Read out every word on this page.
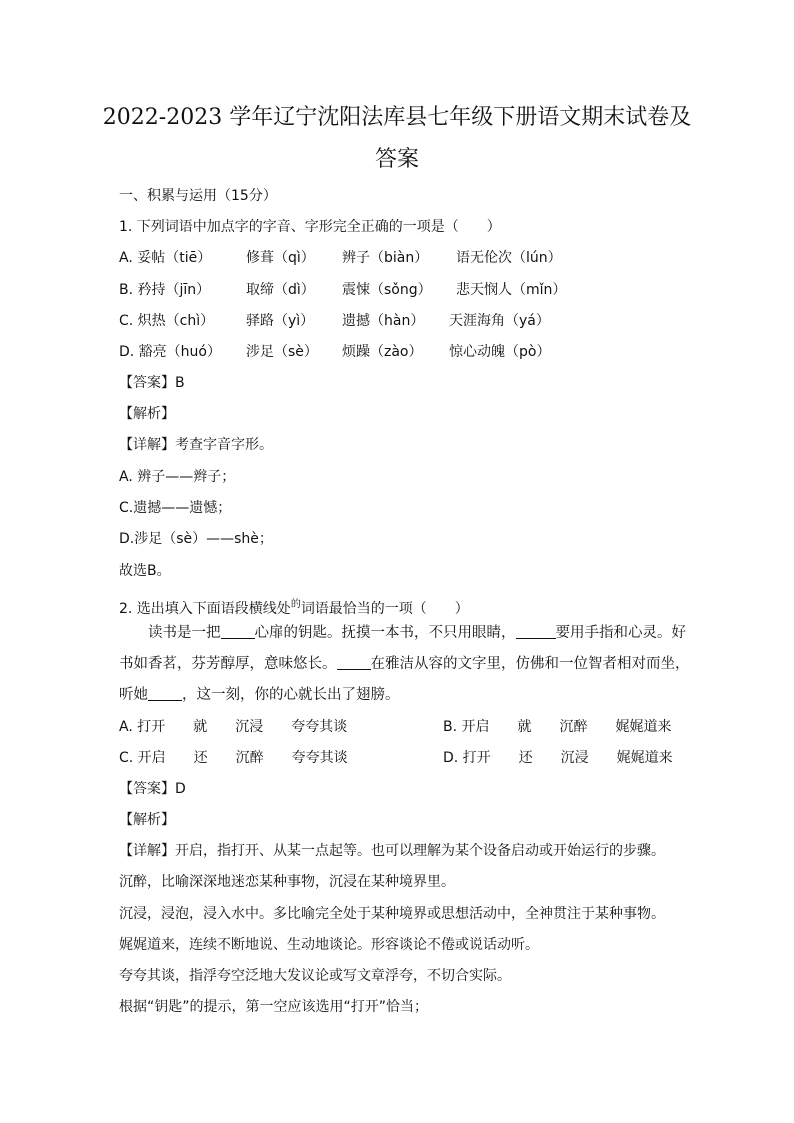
2022-2023 学年辽宁沈阳法库县七年级下册语文期末试卷及
答案
一、积累与运用（15分）
1. 下列词语中加点字的字音、字形完全正确的一项是（　　）
A. 妥帖（tiē） 修葺（qì） 辨子（biàn） 语无伦次（lún）
B. 矜持（jīn）	取缔（dì） 震悚（sǒng） 悲天悯人（mǐn）
C. 炽热（chì） 驿路（yì） 遗撼（hàn） 天涯海角（yá）
D. 豁亮（huó） 涉足（sè） 烦躁（zào） 惊心动魄（pò）
【答案】B
【解析】
【详解】考查字音字形。
A. 辨子——辫子；
C.遗撼——遗憾；
D.涉足（sè）——shè；
故选B。
2. 选出填入下面语段横线处$^的$词语最恰当的一项（　　）
　　读书是一把 心扉的钥匙。抚摸一本书，不只用眼睛，	要用手指和心灵。好
书如香茗，芬芳醇厚，意味悠长。 在雅洁从容的文字里，仿佛和一位智者相对而坐，
听她 ，这一刻，你的心就长出了翅膀。
A. 打开　　就　　沉浸　　夸夸其谈	B. 开启　　就　　沉醉　　娓娓道来
C. 开启　　还　　沉醉　　夸夸其谈	D. 打开　　还　　沉浸　　娓娓道来
【答案】D
【解析】
【详解】开启，指打开、从某一点起等。也可以理解为某个设备启动或开始运行的步骤。
沉醉，比喻深深地迷恋某种事物，沉浸在某种境界里。
沉浸，浸泡，浸入水中。多比喻完全处于某种境界或思想活动中，全神贯注于某种事物。
娓娓道来，连续不断地说、生动地谈论。形容谈论不倦或说话动听。
夸夸其谈，指浮夸空泛地大发议论或写文章浮夸，不切合实际。
根据“钥匙”的提示，第一空应该选用“打开”恰当；
